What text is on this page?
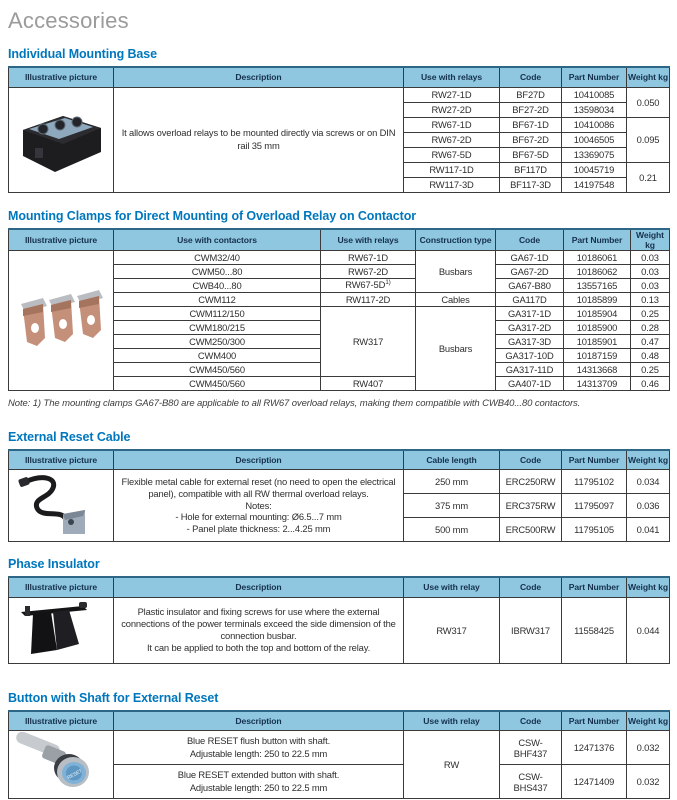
Accessories
Individual Mounting Base
Illustrative picture	Description	Use with relays	Code	Part Number	Weight kg
	It allows overload relays to be mounted directly via screws or on DIN rail 35 mm	RW27-1D	BF27D	10410085	0.050
		RW27-2D	BF27-2D	13598034	
		RW67-1D	BF67-1D	10410086	0.095
		RW67-2D	BF67-2D	10046505	
		RW67-5D	BF67-5D	13369075	
		RW117-1D	BF117D	10045719	0.21
		RW117-3D	BF117-3D	14197548	
Mounting Clamps for Direct Mounting of Overload Relay on Contactor
Illustrative picture	Use with contactors	Use with relays	Construction type	Code	Part Number	Weight kg
	CWM32/40	RW67-1D	Busbars	GA67-1D	10186061	0.03
	CWM50...80	RW67-2D		GA67-2D	10186062	0.03
	CWB40...80	RW67-5D$^{1)}$		GA67-B80	13557165	0.03
	CWM112	RW117-2D	Cables	GA117D	10185899	0.13
	CWM112/150	RW317	Busbars	GA317-1D	10185904	0.25
	CWM180/215			GA317-2D	10185900	0.28
	CWM250/300			GA317-3D	10185901	0.47
	CWM400			GA317-10D	10187159	0.48
	CWM450/560			GA317-11D	14313668	0.25
	CWM450/560	RW407		GA407-1D	14313709	0.46
Note: 1) The mounting clamps GA67-B80 are applicable to all RW67 overload relays, making them compatible with CWB40...80 contactors.
External Reset Cable
Illustrative picture	Description	Cable length	Code	Part Number	Weight kg

Flexible metal cable for external reset (no need to open the electrical panel), compatible with all RW thermal overload relays.
Notes:
- Hole for external mounting: Ø6.5...7 mm
- Panel plate thickness: 2...4.25 mm	250 mm	ERC250RW	11795102	0.034
		375 mm	ERC375RW	11795097	0.036
		500 mm	ERC500RW	11795105	0.041
Phase Insulator
Illustrative picture	Description	Use with relay	Code	Part Number	Weight kg

Plastic insulator and fixing screws for use where the external connections of the power terminals exceed the side dimension of the connection busbar.
It can be applied to both the top and bottom of the relay.	RW317	IBRW317	11558425	0.044
Button with Shaft for External Reset
Illustrative picture	Description	Use with relay	Code	Part Number	Weight kg

RESET	Blue RESET flush button with shaft.
Adjustable length: 250 to 22.5 mm	RW	CSW-BHF437	12471376	0.032

	Blue RESET extended button with shaft.
Adjustable length: 250 to 22.5 mm		CSW-BHS437	12471409	0.032
